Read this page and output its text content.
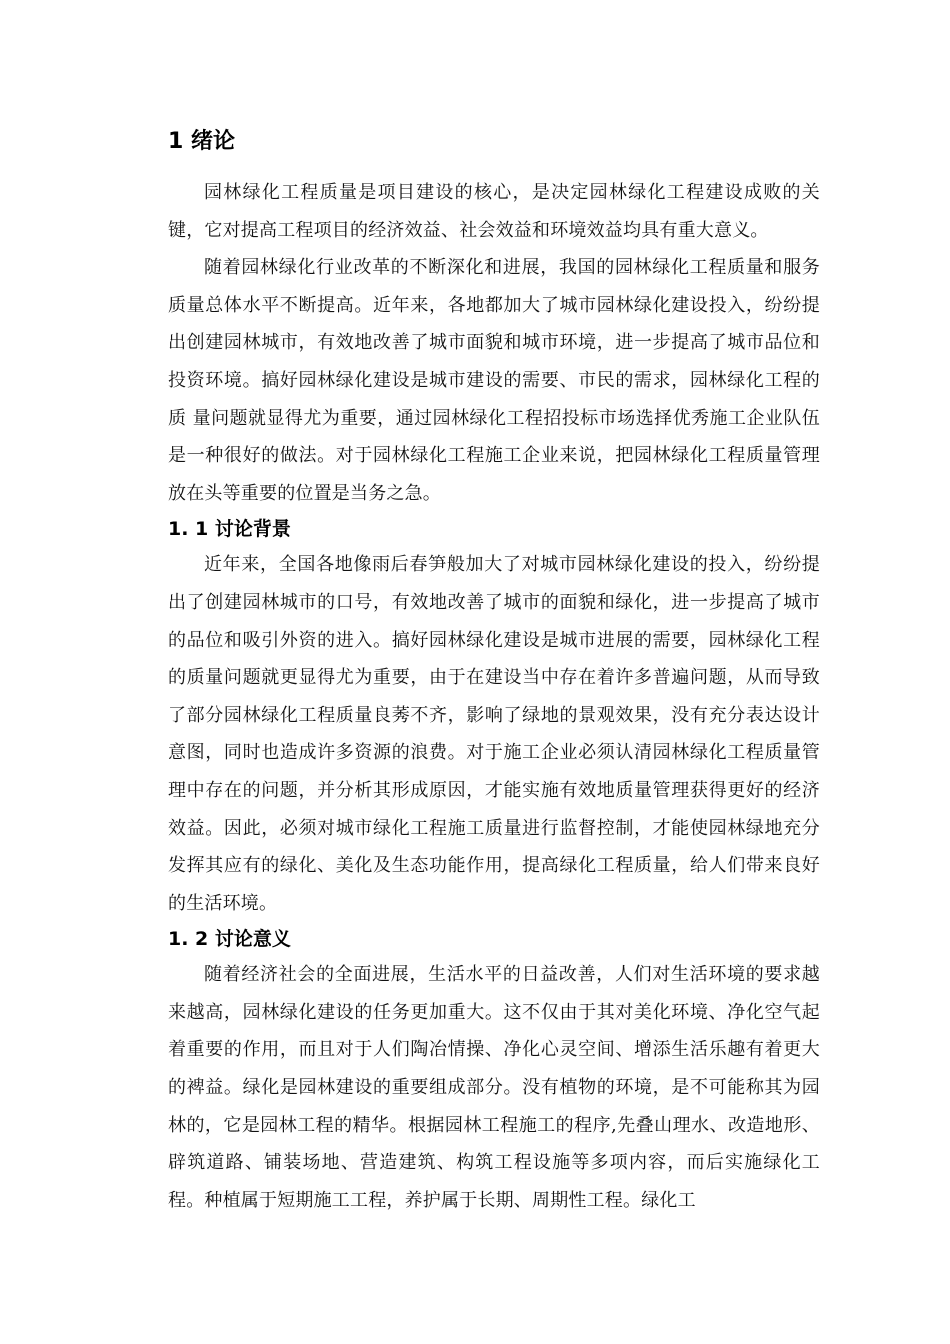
1 绪论

园林绿化工程质量是项目建设的核心，是决定园林绿化工程建设成败的关键，它对提高工程项目的经济效益、社会效益和环境效益均具有重大意义。

随着园林绿化行业改革的不断深化和进展，我国的园林绿化工程质量和服务质量总体水平不断提高。近年来，各地都加大了城市园林绿化建设投入，纷纷提出创建园林城市，有效地改善了城市面貌和城市环境，进一步提高了城市品位和投资环境。搞好园林绿化建设是城市建设的需要、市民的需求，园林绿化工程的质 量问题就显得尤为重要，通过园林绿化工程招投标市场选择优秀施工企业队伍是一种很好的做法。对于园林绿化工程施工企业来说，把园林绿化工程质量管理放在头等重要的位置是当务之急。

1. 1 讨论背景

近年来，全国各地像雨后春笋般加大了对城市园林绿化建设的投入，纷纷提出了创建园林城市的口号，有效地改善了城市的面貌和绿化，进一步提高了城市的品位和吸引外资的进入。搞好园林绿化建设是城市进展的需要，园林绿化工程的质量问题就更显得尤为重要，由于在建设当中存在着许多普遍问题，从而导致了部分园林绿化工程质量良莠不齐，影响了绿地的景观效果，没有充分表达设计意图，同时也造成许多资源的浪费。对于施工企业必须认清园林绿化工程质量管理中存在的问题，并分析其形成原因，才能实施有效地质量管理获得更好的经济效益。因此，必须对城市绿化工程施工质量进行监督控制，才能使园林绿地充分发挥其应有的绿化、美化及生态功能作用，提高绿化工程质量，给人们带来良好的生活环境。

1. 2 讨论意义

随着经济社会的全面进展，生活水平的日益改善，人们对生活环境的要求越来越高，园林绿化建设的任务更加重大。这不仅由于其对美化环境、净化空气起着重要的作用，而且对于人们陶冶情操、净化心灵空间、增添生活乐趣有着更大的裨益。绿化是园林建设的重要组成部分。没有植物的环境，是不可能称其为园林的，它是园林工程的精华。根据园林工程施工的程序,先叠山理水、改造地形、辟筑道路、铺装场地、营造建筑、构筑工程设施等多项内容，而后实施绿化工程。种植属于短期施工工程，养护属于长期、周期性工程。绿化工
